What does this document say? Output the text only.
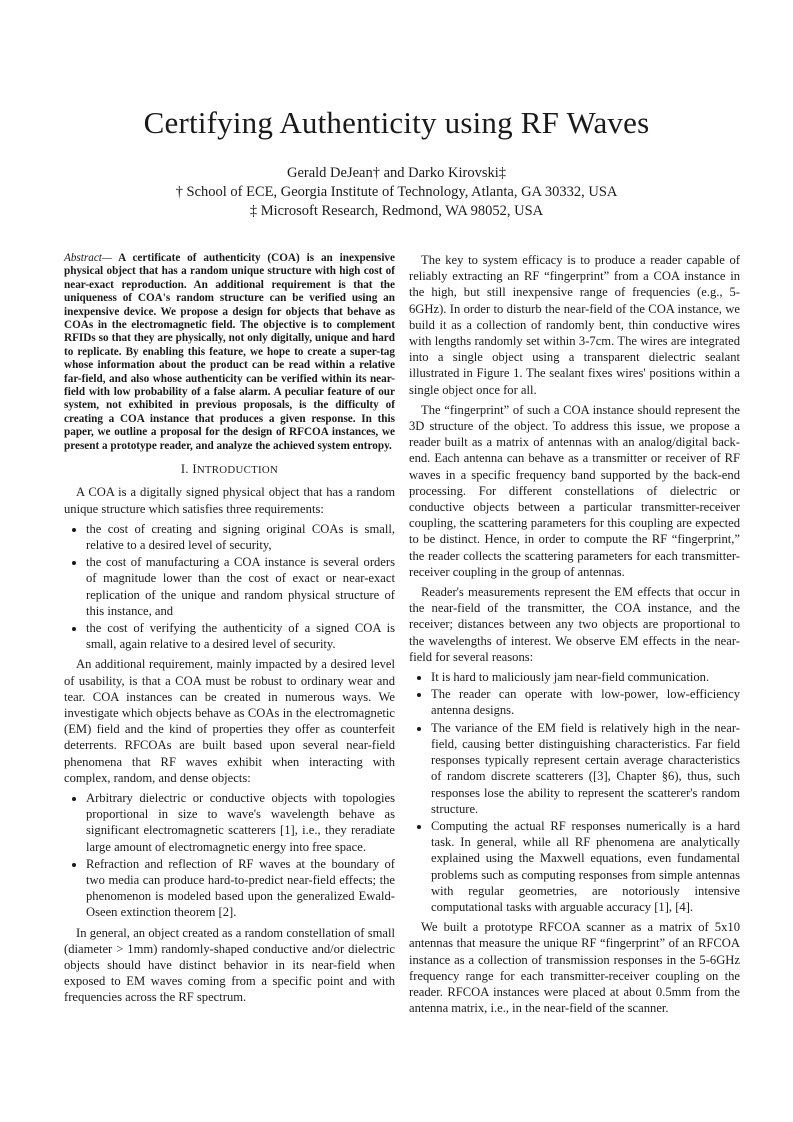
Certifying Authenticity using RF Waves
Gerald DeJean† and Darko Kirovski‡
† School of ECE, Georgia Institute of Technology, Atlanta, GA 30332, USA
‡ Microsoft Research, Redmond, WA 98052, USA
Abstract— A certificate of authenticity (COA) is an inexpensive physical object that has a random unique structure with high cost of near-exact reproduction. An additional requirement is that the uniqueness of COA's random structure can be verified using an inexpensive device. We propose a design for objects that behave as COAs in the electromagnetic field. The objective is to complement RFIDs so that they are physically, not only digitally, unique and hard to replicate. By enabling this feature, we hope to create a super-tag whose information about the product can be read within a relative far-field, and also whose authenticity can be verified within its near-field with low probability of a false alarm. A peculiar feature of our system, not exhibited in previous proposals, is the difficulty of creating a COA instance that produces a given response. In this paper, we outline a proposal for the design of RFCOA instances, we present a prototype reader, and analyze the achieved system entropy.
I. INTRODUCTION

A COA is a digitally signed physical object that has a random unique structure which satisfies three requirements:

• the cost of creating and signing original COAs is small, relative to a desired level of security,
• the cost of manufacturing a COA instance is several orders of magnitude lower than the cost of exact or near-exact replication of the unique and random physical structure of this instance, and
• the cost of verifying the authenticity of a signed COA is small, again relative to a desired level of security.

An additional requirement, mainly impacted by a desired level of usability, is that a COA must be robust to ordinary wear and tear. COA instances can be created in numerous ways. We investigate which objects behave as COAs in the electromagnetic (EM) field and the kind of properties they offer as counterfeit deterrents. RFCOAs are built based upon several near-field phenomena that RF waves exhibit when interacting with complex, random, and dense objects:

• Arbitrary dielectric or conductive objects with topologies proportional in size to wave's wavelength behave as significant electromagnetic scatterers [1], i.e., they reradiate large amount of electromagnetic energy into free space.
• Refraction and reflection of RF waves at the boundary of two media can produce hard-to-predict near-field effects; the phenomenon is modeled based upon the generalized Ewald-Oseen extinction theorem [2].

In general, an object created as a random constellation of small (diameter > 1mm) randomly-shaped conductive and/or dielectric objects should have distinct behavior in its near-field when exposed to EM waves coming from a specific point and with frequencies across the RF spectrum.

The key to system efficacy is to produce a reader capable of reliably extracting an RF “fingerprint” from a COA instance in the high, but still inexpensive range of frequencies (e.g., 5-6GHz). In order to disturb the near-field of the COA instance, we build it as a collection of randomly bent, thin conductive wires with lengths randomly set within 3-7cm. The wires are integrated into a single object using a transparent dielectric sealant illustrated in Figure 1. The sealant fixes wires' positions within a single object once for all.

The “fingerprint” of such a COA instance should represent the 3D structure of the object. To address this issue, we propose a reader built as a matrix of antennas with an analog/digital back-end. Each antenna can behave as a transmitter or receiver of RF waves in a specific frequency band supported by the back-end processing. For different constellations of dielectric or conductive objects between a particular transmitter-receiver coupling, the scattering parameters for this coupling are expected to be distinct. Hence, in order to compute the RF “fingerprint,” the reader collects the scattering parameters for each transmitter-receiver coupling in the group of antennas.

Reader's measurements represent the EM effects that occur in the near-field of the transmitter, the COA instance, and the receiver; distances between any two objects are proportional to the wavelengths of interest. We observe EM effects in the near-field for several reasons:

• It is hard to maliciously jam near-field communication.
• The reader can operate with low-power, low-efficiency antenna designs.
• The variance of the EM field is relatively high in the near-field, causing better distinguishing characteristics. Far field responses typically represent certain average characteristics of random discrete scatterers ([3], Chapter §6), thus, such responses lose the ability to represent the scatterer's random structure.
• Computing the actual RF responses numerically is a hard task. In general, while all RF phenomena are analytically explained using the Maxwell equations, even fundamental problems such as computing responses from simple antennas with regular geometries, are notoriously intensive computational tasks with arguable accuracy [1], [4].

We built a prototype RFCOA scanner as a matrix of 5x10 antennas that measure the unique RF “fingerprint” of an RFCOA instance as a collection of transmission responses in the 5-6GHz frequency range for each transmitter-receiver coupling on the reader. RFCOA instances were placed at about 0.5mm from the antenna matrix, i.e., in the near-field of the scanner.
